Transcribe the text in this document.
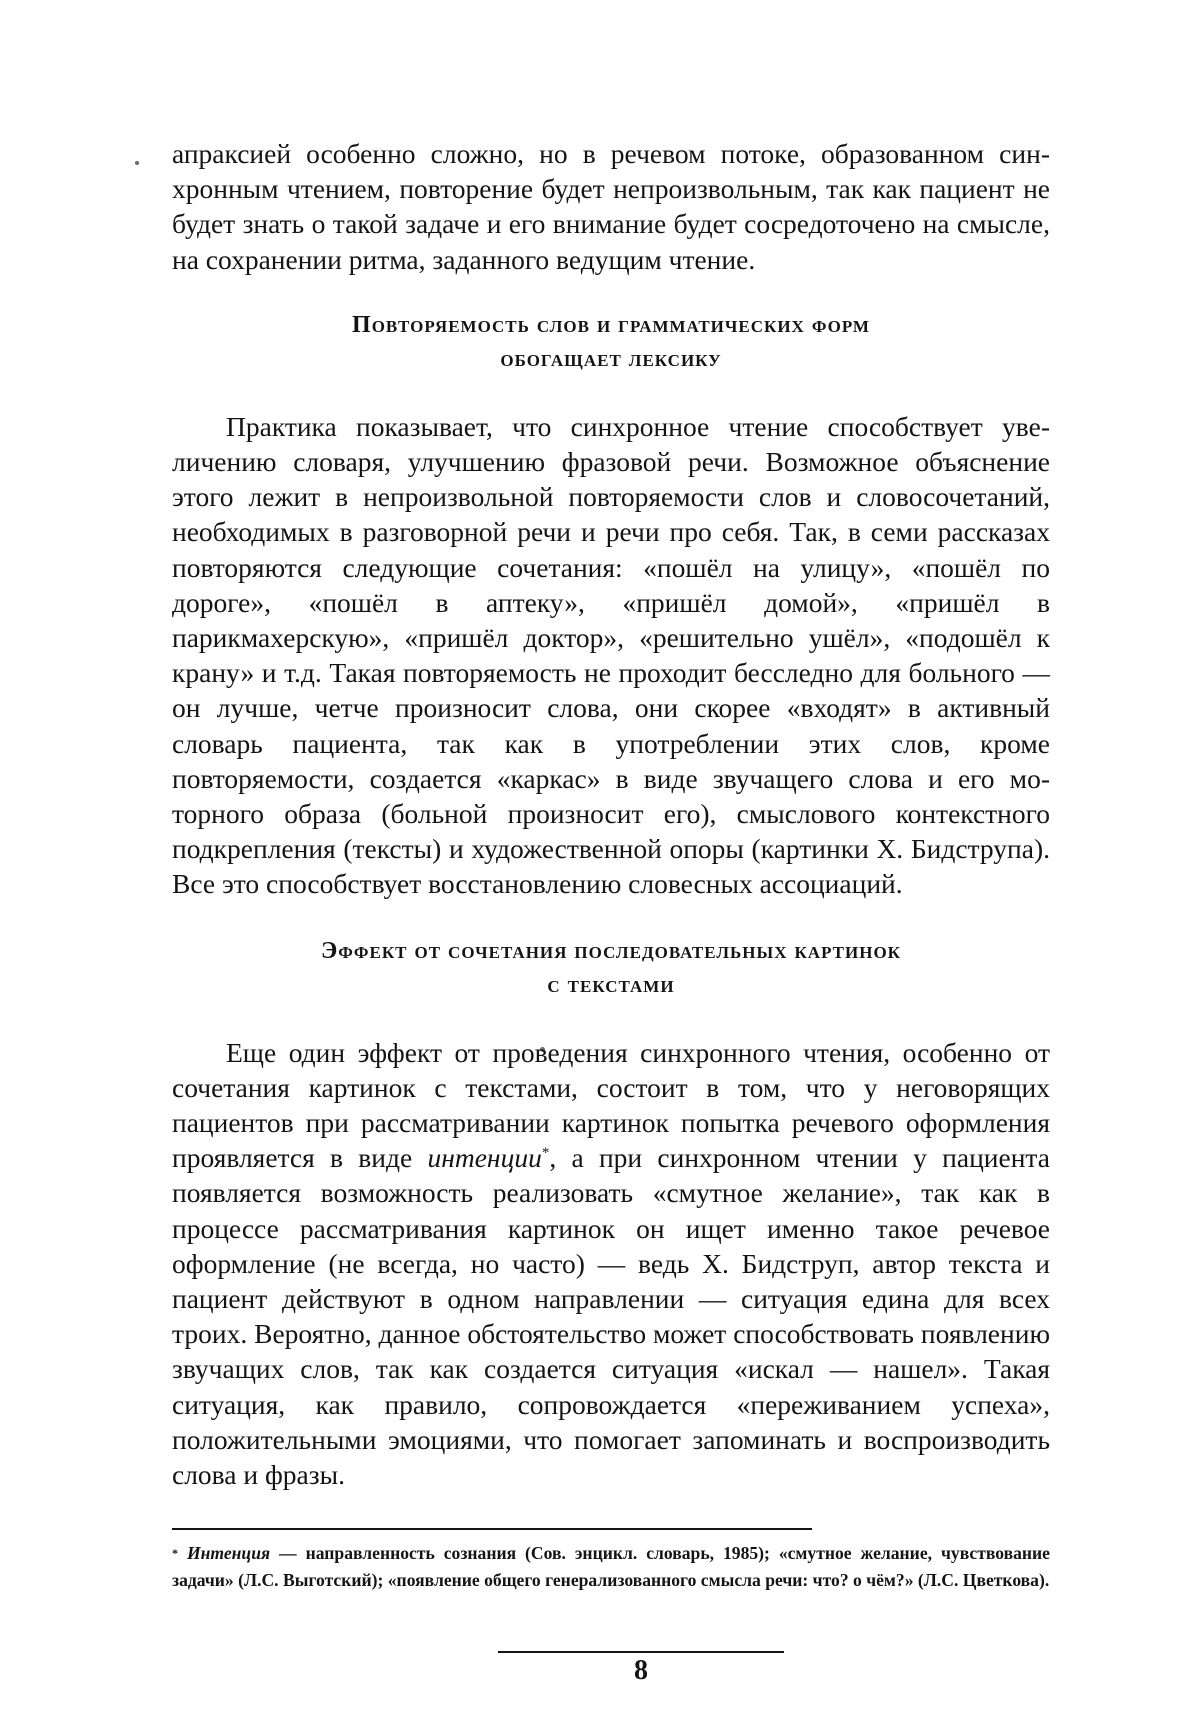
апраксией особенно сложно, но в речевом потоке, образованном синхронным чтением, повторение будет непроизвольным, так как пациент не будет знать о такой задаче и его внимание будет сосредоточено на смысле, на сохранении ритма, заданного ведущим чтение.

Повторяемость слов и грамматических форм

обогащает лексику

Практика показывает, что синхронное чтение способствует увеличению словаря, улучшению фразовой речи. Возможное объяснение этого лежит в непроизвольной повторяемости слов и словосочетаний, необходимых в разговорной речи и речи про себя. Так, в семи рассказах повторяются следующие сочетания: «пошёл на улицу», «пошёл по дороге», «пошёл в аптеку», «пришёл домой», «пришёл в парикмахерскую», «пришёл доктор», «решительно ушёл», «подошёл к крану» и т.д. Такая повторяемость не проходит бесследно для больного — он лучше, четче произносит слова, они скорее «входят» в активный словарь пациента, так как в употреблении этих слов, кроме повторяемости, создается «каркас» в виде звучащего слова и его моторного образа (больной произносит его), смыслового контекстного подкрепления (тексты) и художественной опоры (картинки X. Бидструпа). Все это способствует восстановлению словесных ассоциаций.

Эффект от сочетания последовательных картинок

с текстами

Еще один эффект от проведения синхронного чтения, особенно от сочетания картинок с текстами, состоит в том, что у неговорящих пациентов при рассматривании картинок попытка речевого оформления проявляется в виде интенции*, а при синхронном чтении у пациента появляется возможность реализовать «смутное желание», так как в процессе рассматривания картинок он ищет именно такое речевое оформление (не всегда, но часто) — ведь X. Бидструп, автор текста и пациент действуют в одном направлении — ситуация едина для всех троих. Вероятно, данное обстоятельство может способствовать появлению звучащих слов, так как создается ситуация «искал — нашел». Такая ситуация, как правило, сопровождается «переживанием успеха», положительными эмоциями, что помогает запоминать и воспроизводить слова и фразы.

* Интенция — направленность сознания (Сов. энцикл. словарь, 1985); «смутное желание, чувствование задачи» (Л.С. Выготский); «появление общего генерализованного смысла речи: что? о чём?» (Л.С. Цветкова).

8
